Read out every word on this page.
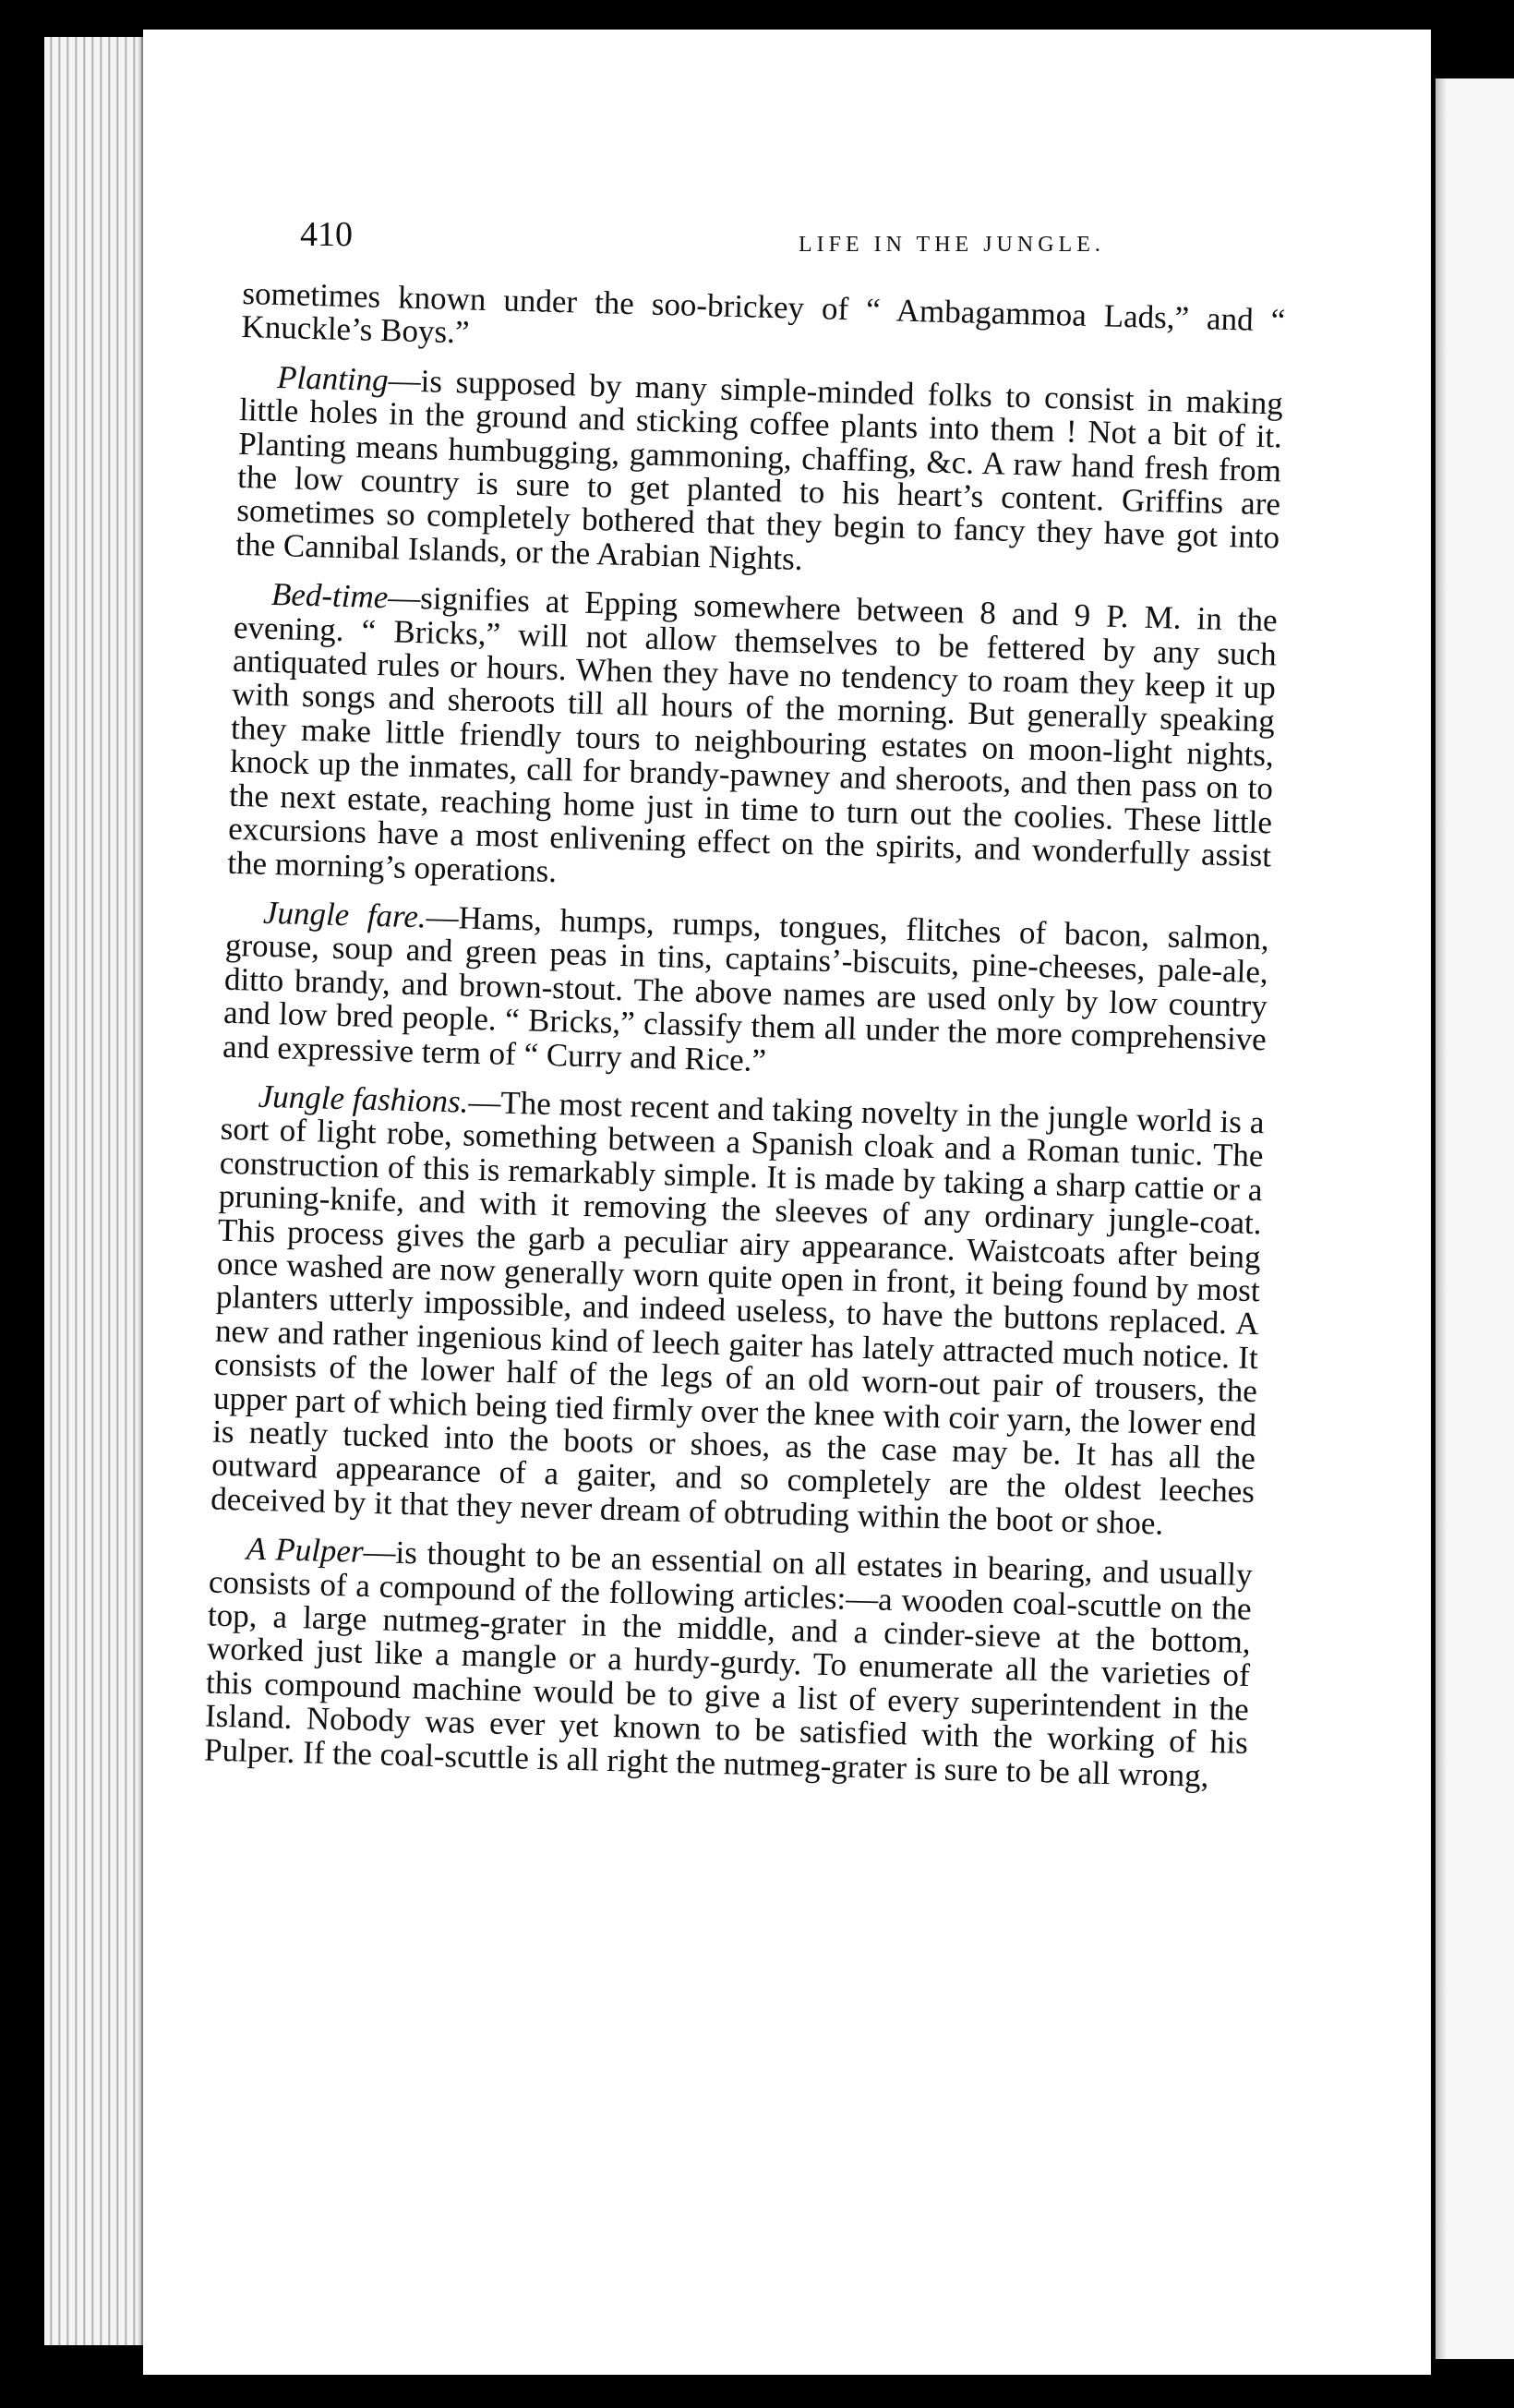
410	LIFE IN THE JUNGLE.

sometimes known under the soo-brickey of “ Ambagammoa Lads,” and “ Knuckle’s Boys.”

Planting—is supposed by many simple-minded folks to consist in making little holes in the ground and sticking coffee plants into them ! Not a bit of it. Planting means humbugging, gammoning, chaffing, &c. A raw hand fresh from the low country is sure to get planted to his heart’s content. Griffins are sometimes so completely bothered that they begin to fancy they have got into the Cannibal Islands, or the Arabian Nights.

Bed-time—signifies at Epping somewhere between 8 and 9 P. M. in the evening. “ Bricks,” will not allow themselves to be fettered by any such antiquated rules or hours. When they have no tendency to roam they keep it up with songs and sheroots till all hours of the morning. But generally speaking they make little friendly tours to neighbouring estates on moon-light nights, knock up the inmates, call for brandy-pawney and sheroots, and then pass on to the next estate, reaching home just in time to turn out the coolies. These little excursions have a most enlivening effect on the spirits, and wonderfully assist the morning’s operations.

Jungle fare.—Hams, humps, rumps, tongues, flitches of bacon, salmon, grouse, soup and green peas in tins, captains’-biscuits, pine-cheeses, pale-ale, ditto brandy, and brown-stout. The above names are used only by low country and low bred people. “ Bricks,” classify them all under the more comprehensive and expressive term of “ Curry and Rice.”

Jungle fashions.—The most recent and taking novelty in the jungle world is a sort of light robe, something between a Spanish cloak and a Roman tunic. The construction of this is remarkably simple. It is made by taking a sharp cattie or a pruning-knife, and with it removing the sleeves of any ordinary jungle-coat. This process gives the garb a peculiar airy appearance. Waistcoats after being once washed are now generally worn quite open in front, it being found by most planters utterly impossible, and indeed useless, to have the buttons replaced. A new and rather ingenious kind of leech gaiter has lately attracted much notice. It consists of the lower half of the legs of an old worn-out pair of trousers, the upper part of which being tied firmly over the knee with coir yarn, the lower end is neatly tucked into the boots or shoes, as the case may be. It has all the outward appearance of a gaiter, and so completely are the oldest leeches deceived by it that they never dream of obtruding within the boot or shoe.

A Pulper—is thought to be an essential on all estates in bearing, and usually consists of a compound of the following articles:—a wooden coal-scuttle on the top, a large nutmeg-grater in the middle, and a cinder-sieve at the bottom, worked just like a mangle or a hurdy-gurdy. To enumerate all the varieties of this compound machine would be to give a list of every superintendent in the Island. Nobody was ever yet known to be satisfied with the working of his Pulper. If the coal-scuttle is all right the nutmeg-grater is sure to be all wrong,
